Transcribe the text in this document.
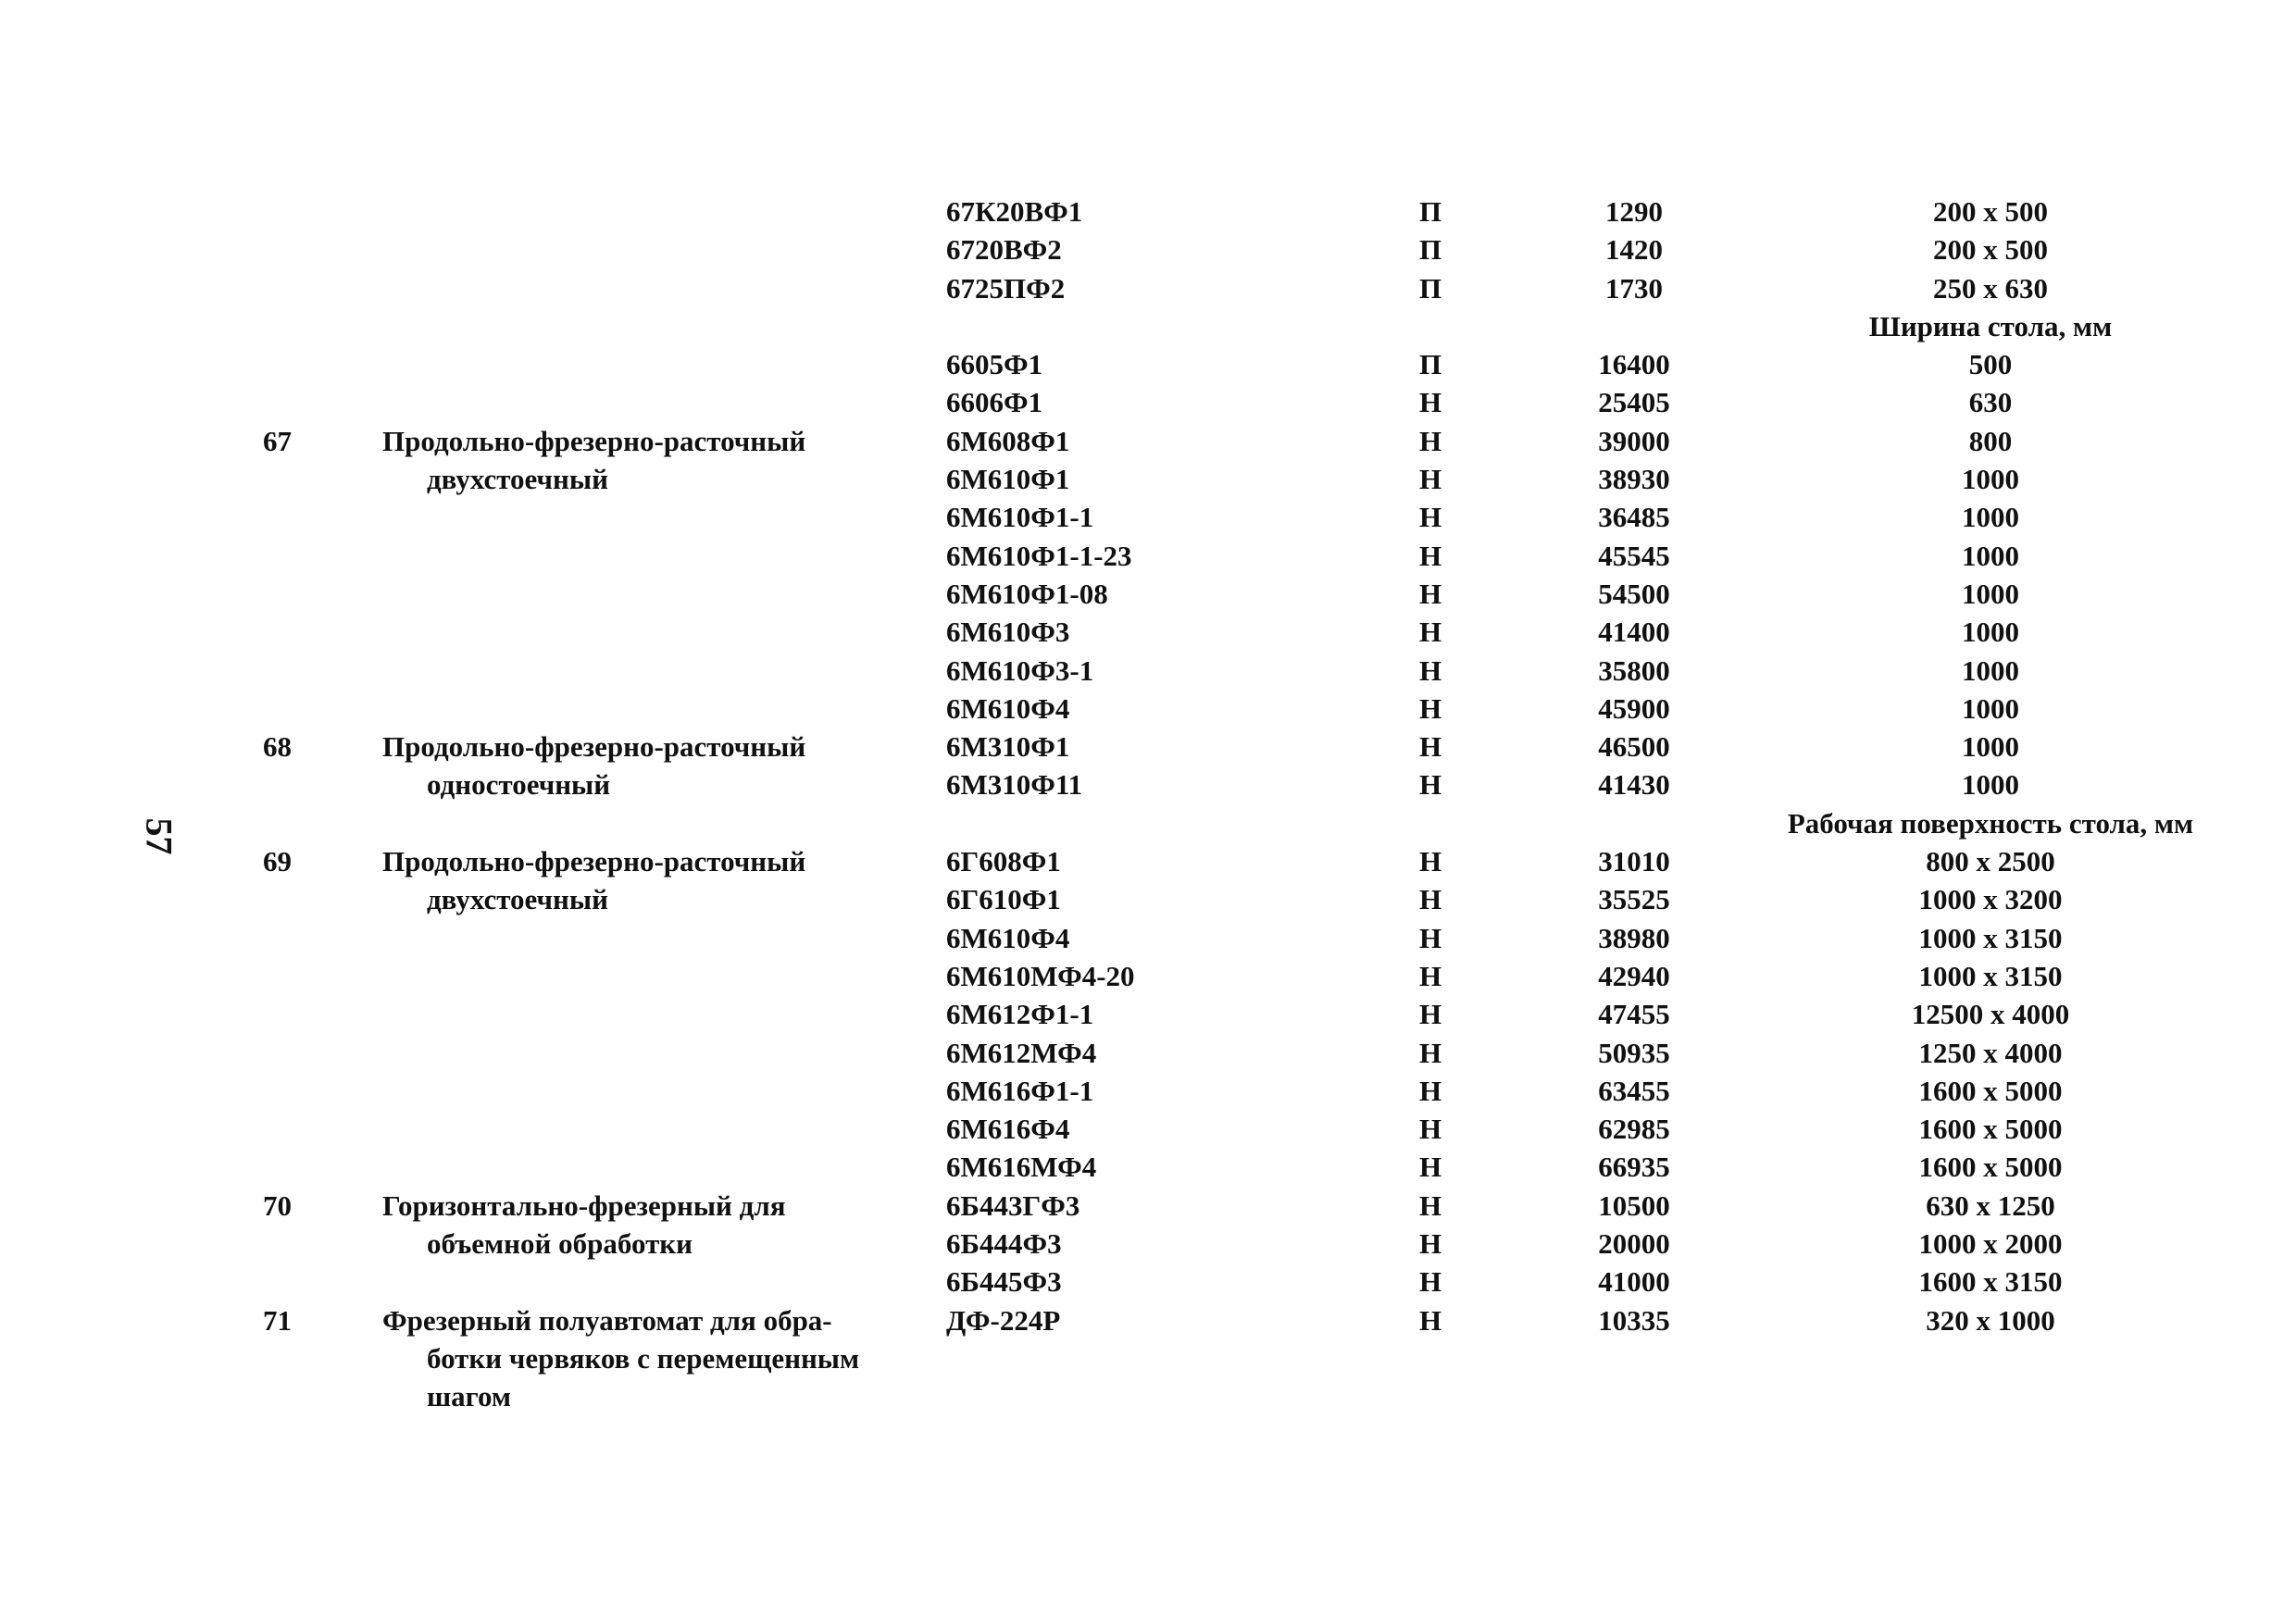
57
67К20ВФ1	П	1290	200 х 500
6720ВФ2	П	1420	200 х 500
6725ПФ2	П	1730	250 х 630
Ширина стола, мм
6605Ф1	П	16400	500
6606Ф1	Н	25405	630
67	Продольно-фрезерно-расточный	6М608Ф1	Н	39000	800
двухстоечный	6М610Ф1	Н	38930	1000
6М610Ф1-1	Н	36485	1000
6М610Ф1-1-23	Н	45545	1000
6М610Ф1-08	Н	54500	1000
6М610Ф3	Н	41400	1000
6М610Ф3-1	Н	35800	1000
6М610Ф4	Н	45900	1000
68	Продольно-фрезерно-расточный	6М310Ф1	Н	46500	1000
одностоечный	6М310Ф11	Н	41430	1000
Рабочая поверхность стола, мм
69	Продольно-фрезерно-расточный	6Г608Ф1	Н	31010	800 х 2500
двухстоечный	6Г610Ф1	Н	35525	1000 х 3200
6М610Ф4	Н	38980	1000 х 3150
6М610МФ4-20	Н	42940	1000 х 3150
6М612Ф1-1	Н	47455	12500 х 4000
6М612МФ4	Н	50935	1250 х 4000
6М616Ф1-1	Н	63455	1600 х 5000
6М616Ф4	Н	62985	1600 х 5000
6М616МФ4	Н	66935	1600 х 5000
70	Горизонтально-фрезерный для	6Б443ГФ3	Н	10500	630 х 1250
объемной обработки	6Б444Ф3	Н	20000	1000 х 2000
6Б445Ф3	Н	41000	1600 х 3150
71	Фрезерный полуавтомат для обра-	ДФ-224Р	Н	10335	320 х 1000
ботки червяков с перемещенным
шагом
